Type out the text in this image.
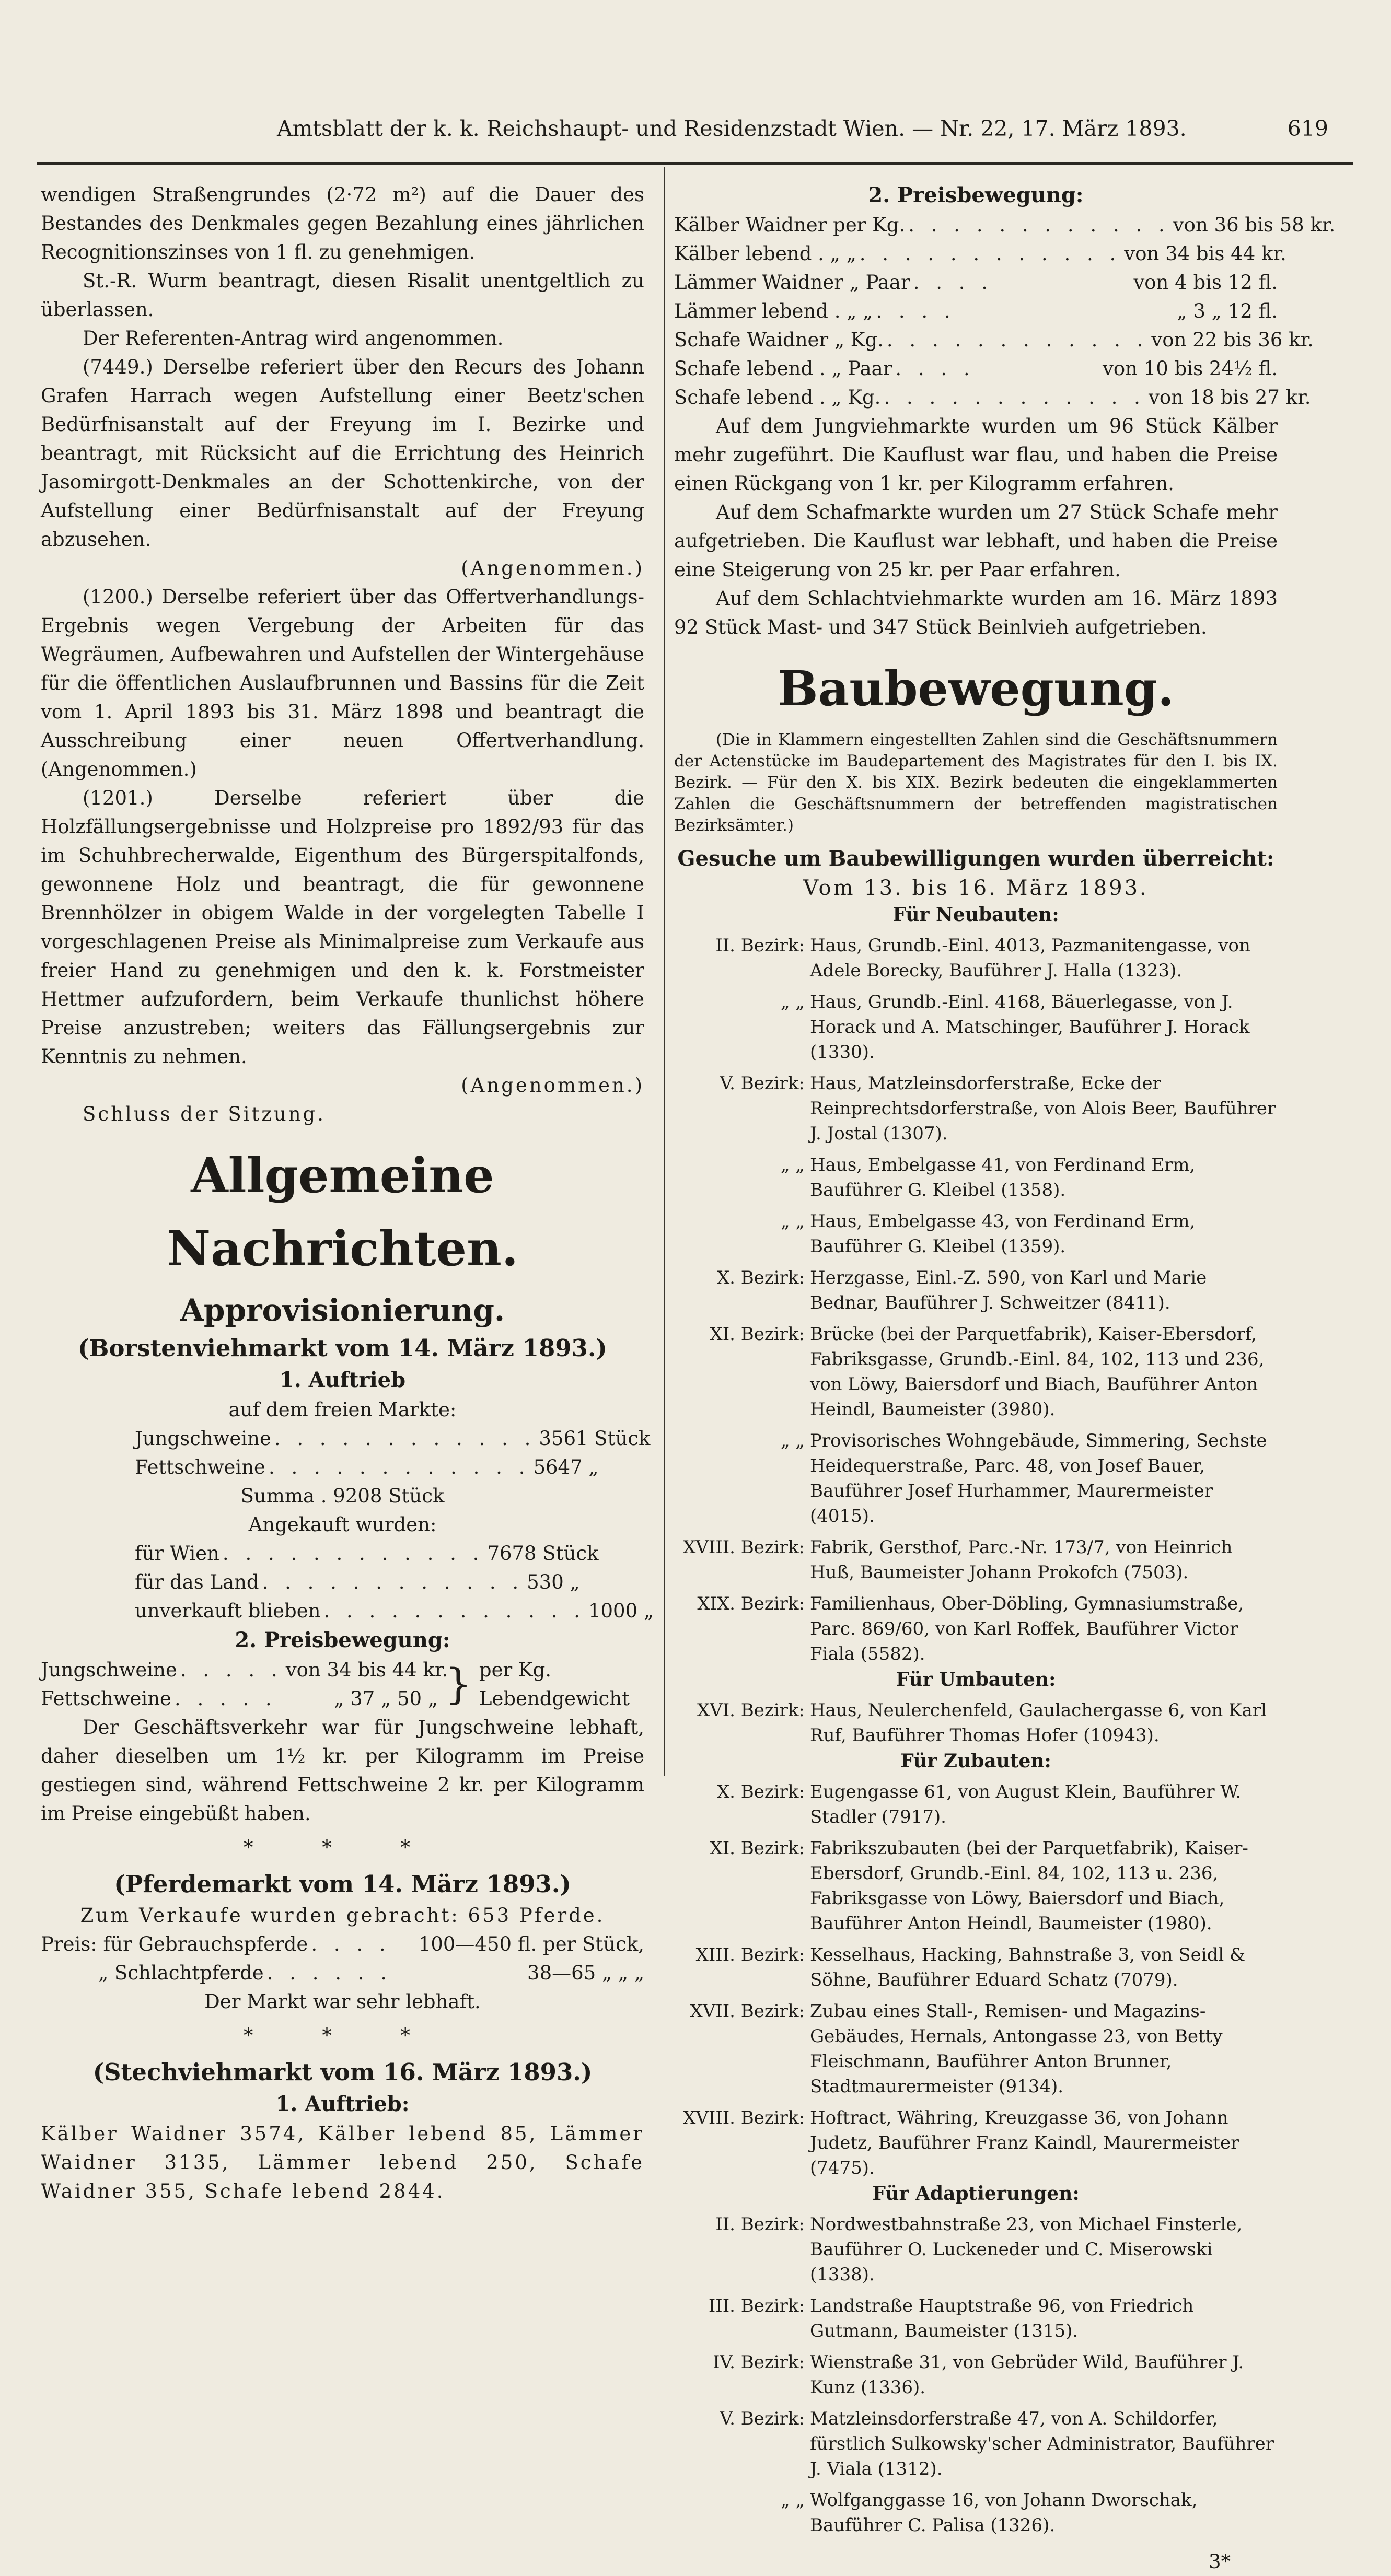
Amtsblatt der k. k. Reichshaupt- und Residenzstadt Wien. — Nr. 22, 17. März 1893.	619

wendigen Straßengrundes (2·72 m²) auf die Dauer des Bestandes des Denkmales gegen Bezahlung eines jährlichen Recognitionszinses von 1 fl. zu genehmigen.

St.-R. Wurm beantragt, diesen Risalit unentgeltlich zu überlassen.

Der Referenten-Antrag wird angenommen.

(7449.) Derselbe referiert über den Recurs des Johann Grafen Harrach wegen Aufstellung einer Beetz'schen Bedürfnisanstalt auf der Freyung im I. Bezirke und beantragt, mit Rücksicht auf die Errichtung des Heinrich Jasomirgott-Denkmales an der Schottenkirche, von der Aufstellung einer Bedürfnisanstalt auf der Freyung abzusehen.

(Angenommen.)

(1200.) Derselbe referiert über das Offertverhandlungs-Ergebnis wegen Vergebung der Arbeiten für das Wegräumen, Aufbewahren und Aufstellen der Wintergehäuse für die öffentlichen Auslaufbrunnen und Bassins für die Zeit vom 1. April 1893 bis 31. März 1898 und beantragt die Ausschreibung einer neuen Offertverhandlung. (Angenommen.)

(1201.) Derselbe referiert über die Holzfällungsergebnisse und Holzpreise pro 1892/93 für das im Schuhbrecherwalde, Eigenthum des Bürgerspitalfonds, gewonnene Holz und beantragt, die für gewonnene Brennhölzer in obigem Walde in der vorgelegten Tabelle I vorgeschlagenen Preise als Minimalpreise zum Verkaufe aus freier Hand zu genehmigen und den k. k. Forstmeister Hettmer aufzufordern, beim Verkaufe thunlichst höhere Preise anzustreben; weiters das Fällungsergebnis zur Kenntnis zu nehmen.

(Angenommen.)

Schluss der Sitzung.

Allgemeine Nachrichten.
Approvisionierung.
(Borstenviehmarkt vom 14. März 1893.)
1. Auftrieb

auf dem freien Markte:

Jungschweine . . . . . . . . . . . . 3561 Stück
Fettschweine . . . . . . . . . . . . 5647 „

Summa . 9208 Stück

Angekauft wurden:

für Wien . . . . . . . . . . . . 7678 Stück
für das Land . . . . . . . . . . . . 530 „
unverkauft blieben . . . . . . . . . . . . 1000 „
2. Preisbewegung:
Jungschweine . . . . . von 34 bis 44 kr.
Fettschweine . . . . .	„ 37 „ 50 „ } per Kg. Lebendgewicht

Der Geschäftsverkehr war für Jungschweine lebhaft, daher dieselben um 1½ kr. per Kilogramm im Preise gestiegen sind, während Fettschweine 2 kr. per Kilogramm im Preise eingebüßt haben.

* * *
(Pferdemarkt vom 14. März 1893.)

Zum Verkaufe wurden gebracht: 653 Pferde.

Preis: für Gebrauchspferde . . . .	100—450 fl. per Stück,
„ Schlachtpferde . . . . . .	38—65 „ „ „

Der Markt war sehr lebhaft.

* * *
(Stechviehmarkt vom 16. März 1893.)
1. Auftrieb:

Kälber Waidner 3574, Kälber lebend 85, Lämmer Waidner 3135, Lämmer lebend 250, Schafe Waidner 355, Schafe lebend 2844.

2. Preisbewegung:
Kälber Waidner per Kg. . . . . . . . . . . . . von 36 bis 58 kr.
Kälber lebend . „ „ . . . . . . . . . . . . von 34 bis 44 kr.
Lämmer Waidner „ Paar . . . .	von 4 bis 12 fl.
Lämmer lebend . „ „ . . . .	„ 3 „ 12 fl.
Schafe Waidner „ Kg. . . . . . . . . . . . . von 22 bis 36 kr.
Schafe lebend . „ Paar . . . .	von 10 bis 24½ fl.
Schafe lebend . „ Kg. . . . . . . . . . . . . von 18 bis 27 kr.

Auf dem Jungviehmarkte wurden um 96 Stück Kälber mehr zugeführt. Die Kauflust war flau, und haben die Preise einen Rückgang von 1 kr. per Kilogramm erfahren.

Auf dem Schafmarkte wurden um 27 Stück Schafe mehr aufgetrieben. Die Kauflust war lebhaft, und haben die Preise eine Steigerung von 25 kr. per Paar erfahren.

Auf dem Schlachtviehmarkte wurden am 16. März 1893 92 Stück Mast- und 347 Stück Beinlvieh aufgetrieben.

Baubewegung.

(Die in Klammern eingestellten Zahlen sind die Geschäftsnummern der Actenstücke im Baudepartement des Magistrates für den I. bis IX. Bezirk. — Für den X. bis XIX. Bezirk bedeuten die eingeklammerten Zahlen die Geschäftsnummern der betreffenden magistratischen Bezirksämter.)

Gesuche um Baubewilligungen wurden überreicht:

Vom 13. bis 16. März 1893.

Für Neubauten:
II. Bezirk: Haus, Grundb.-Einl. 4013, Pazmanitengasse, von Adele Borecky, Bauführer J. Halla (1323).
„ „ Haus, Grundb.-Einl. 4168, Bäuerlegasse, von J. Horack und A. Matschinger, Bauführer J. Horack (1330).
V. Bezirk: Haus, Matzleinsdorferstraße, Ecke der Reinprechtsdorferstraße, von Alois Beer, Bauführer J. Jostal (1307).
„ „ Haus, Embelgasse 41, von Ferdinand Erm, Bauführer G. Kleibel (1358).
„ „ Haus, Embelgasse 43, von Ferdinand Erm, Bauführer G. Kleibel (1359).
X. Bezirk: Herzgasse, Einl.-Z. 590, von Karl und Marie Bednar, Bauführer J. Schweitzer (8411).
XI. Bezirk: Brücke (bei der Parquetfabrik), Kaiser-Ebersdorf, Fabriksgasse, Grundb.-Einl. 84, 102, 113 und 236, von Löwy, Baiersdorf und Biach, Bauführer Anton Heindl, Baumeister (3980).
„ „ Provisorisches Wohngebäude, Simmering, Sechste Heidequerstraße, Parc. 48, von Josef Bauer, Bauführer Josef Hurhammer, Maurermeister (4015).
XVIII. Bezirk: Fabrik, Gersthof, Parc.-Nr. 173/7, von Heinrich Huß, Baumeister Johann Prokofch (7503).
XIX. Bezirk: Familienhaus, Ober-Döbling, Gymnasiumstraße, Parc. 869/60, von Karl Roffek, Bauführer Victor Fiala (5582).
Für Umbauten:
XVI. Bezirk: Haus, Neulerchenfeld, Gaulachergasse 6, von Karl Ruf, Bauführer Thomas Hofer (10943).
Für Zubauten:
X. Bezirk: Eugengasse 61, von August Klein, Bauführer W. Stadler (7917).
XI. Bezirk: Fabrikszubauten (bei der Parquetfabrik), Kaiser-Ebersdorf, Grundb.-Einl. 84, 102, 113 u. 236, Fabriksgasse von Löwy, Baiersdorf und Biach, Bauführer Anton Heindl, Baumeister (1980).
XIII. Bezirk: Kesselhaus, Hacking, Bahnstraße 3, von Seidl & Söhne, Bauführer Eduard Schatz (7079).
XVII. Bezirk: Zubau eines Stall-, Remisen- und Magazins-Gebäudes, Hernals, Antongasse 23, von Betty Fleischmann, Bauführer Anton Brunner, Stadtmaurermeister (9134).
XVIII. Bezirk: Hoftract, Währing, Kreuzgasse 36, von Johann Judetz, Bauführer Franz Kaindl, Maurermeister (7475).
Für Adaptierungen:
II. Bezirk: Nordwestbahnstraße 23, von Michael Finsterle, Bauführer O. Luckeneder und C. Miserowski (1338).
III. Bezirk: Landstraße Hauptstraße 96, von Friedrich Gutmann, Baumeister (1315).
IV. Bezirk: Wienstraße 31, von Gebrüder Wild, Bauführer J. Kunz (1336).
V. Bezirk: Matzleinsdorferstraße 47, von A. Schildorfer, fürstlich Sulkowsky'scher Administrator, Bauführer J. Viala (1312).
„ „ Wolfganggasse 16, von Johann Dworschak, Bauführer C. Palisa (1326).
3*
